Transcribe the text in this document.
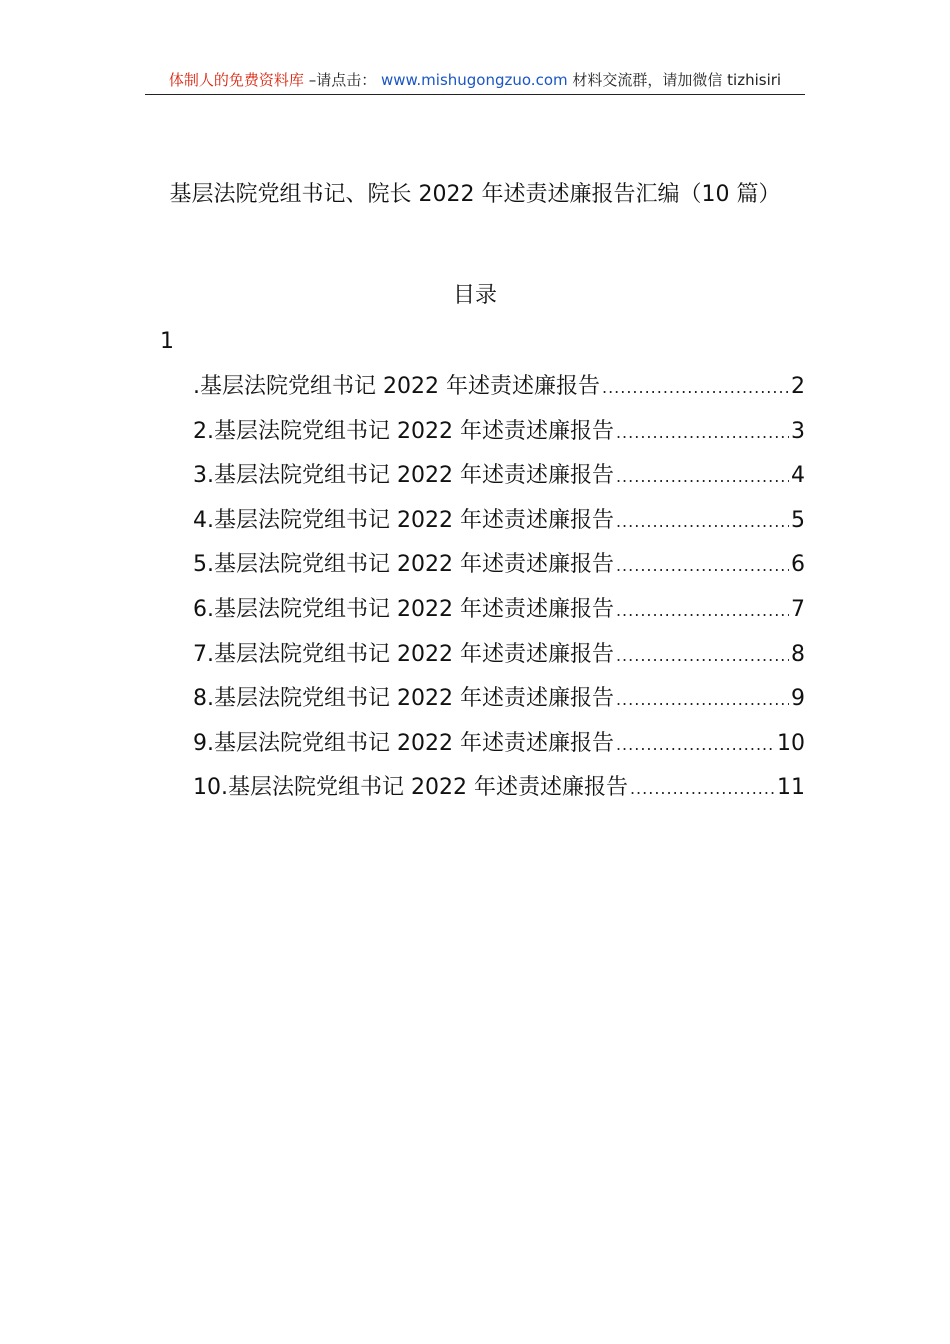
体制人的免费资料库 –请点击： www.mishugongzuo.com 材料交流群，请加微信 tizhisiri
基层法院党组书记、院长 2022 年述责述廉报告汇编（10 篇）
目录
1
.基层法院党组书记 2022 年述责述廉报告 .....	2
2.基层法院党组书记 2022 年述责述廉报告 .....	3
3.基层法院党组书记 2022 年述责述廉报告 .....	4
4.基层法院党组书记 2022 年述责述廉报告 .....	5
5.基层法院党组书记 2022 年述责述廉报告 .....	6
6.基层法院党组书记 2022 年述责述廉报告 .....	7
7.基层法院党组书记 2022 年述责述廉报告 .....	8
8.基层法院党组书记 2022 年述责述廉报告 .....	9
9.基层法院党组书记 2022 年述责述廉报告 .....	10
10.基层法院党组书记 2022 年述责述廉报告 .....	11
